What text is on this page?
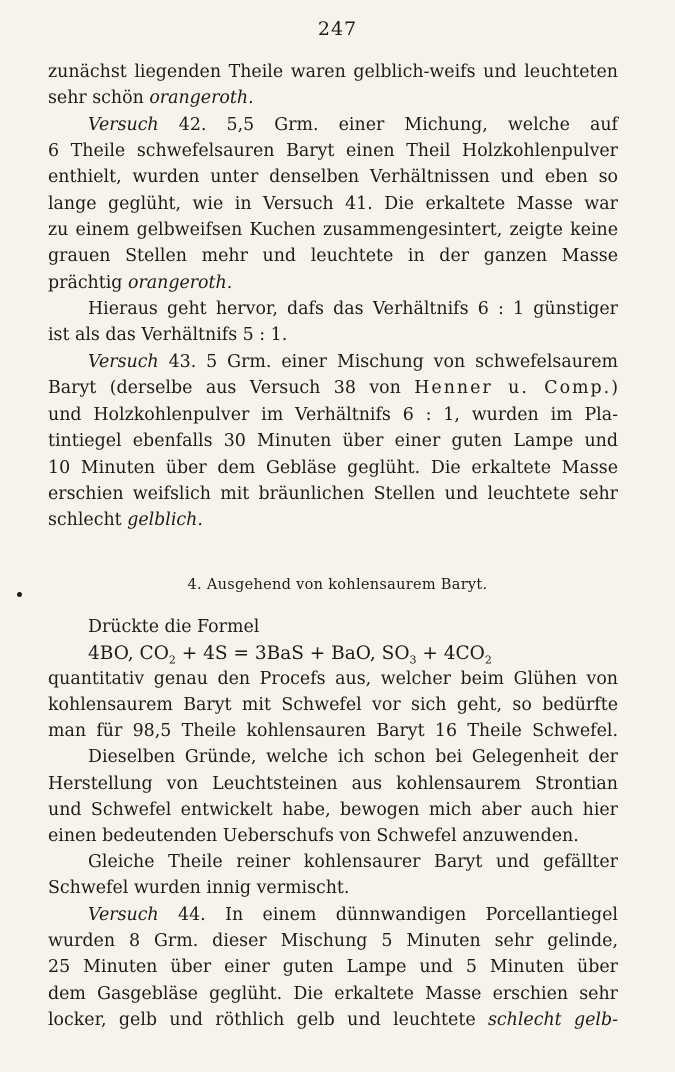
247
zunächst liegenden Theile waren gelblich-weifs und leuchteten
sehr schön orangeroth.
Versuch 42. 5,5 Grm. einer Michung, welche auf
6 Theile schwefelsauren Baryt einen Theil Holzkohlenpulver
enthielt, wurden unter denselben Verhältnissen und eben so
lange geglüht, wie in Versuch 41. Die erkaltete Masse war
zu einem gelbweifsen Kuchen zusammengesintert, zeigte keine
grauen Stellen mehr und leuchtete in der ganzen Masse
prächtig orangeroth.
Hieraus geht hervor, dafs das Verhältnifs 6 : 1 günstiger
ist als das Verhältnifs 5 : 1.
Versuch 43. 5 Grm. einer Mischung von schwefelsaurem
Baryt (derselbe aus Versuch 38 von Henner u. Comp.)
und Holzkohlenpulver im Verhältnifs 6 : 1, wurden im Pla-
tintiegel ebenfalls 30 Minuten über einer guten Lampe und
10 Minuten über dem Gebläse geglüht. Die erkaltete Masse
erschien weifslich mit bräunlichen Stellen und leuchtete sehr
schlecht gelblich.
4. Ausgehend von kohlensaurem Baryt.
Drückte die Formel
4BO, $CO_2 + 4S = 3BaS$ + BaO, $SO_3 + 4CO_2$
quantitativ genau den Procefs aus, welcher beim Glühen von
kohlensaurem Baryt mit Schwefel vor sich geht, so bedürfte
man für 98,5 Theile kohlensauren Baryt 16 Theile Schwefel.
Dieselben Gründe, welche ich schon bei Gelegenheit der
Herstellung von Leuchtsteinen aus kohlensaurem Strontian
und Schwefel entwickelt habe, bewogen mich aber auch hier
einen bedeutenden Ueberschufs von Schwefel anzuwenden.
Gleiche Theile reiner kohlensaurer Baryt und gefällter
Schwefel wurden innig vermischt.
Versuch 44. In einem dünnwandigen Porcellantiegel
wurden 8 Grm. dieser Mischung 5 Minuten sehr gelinde,
25 Minuten über einer guten Lampe und 5 Minuten über
dem Gasgebläse geglüht. Die erkaltete Masse erschien sehr
locker, gelb und röthlich gelb und leuchtete schlecht gelb-
